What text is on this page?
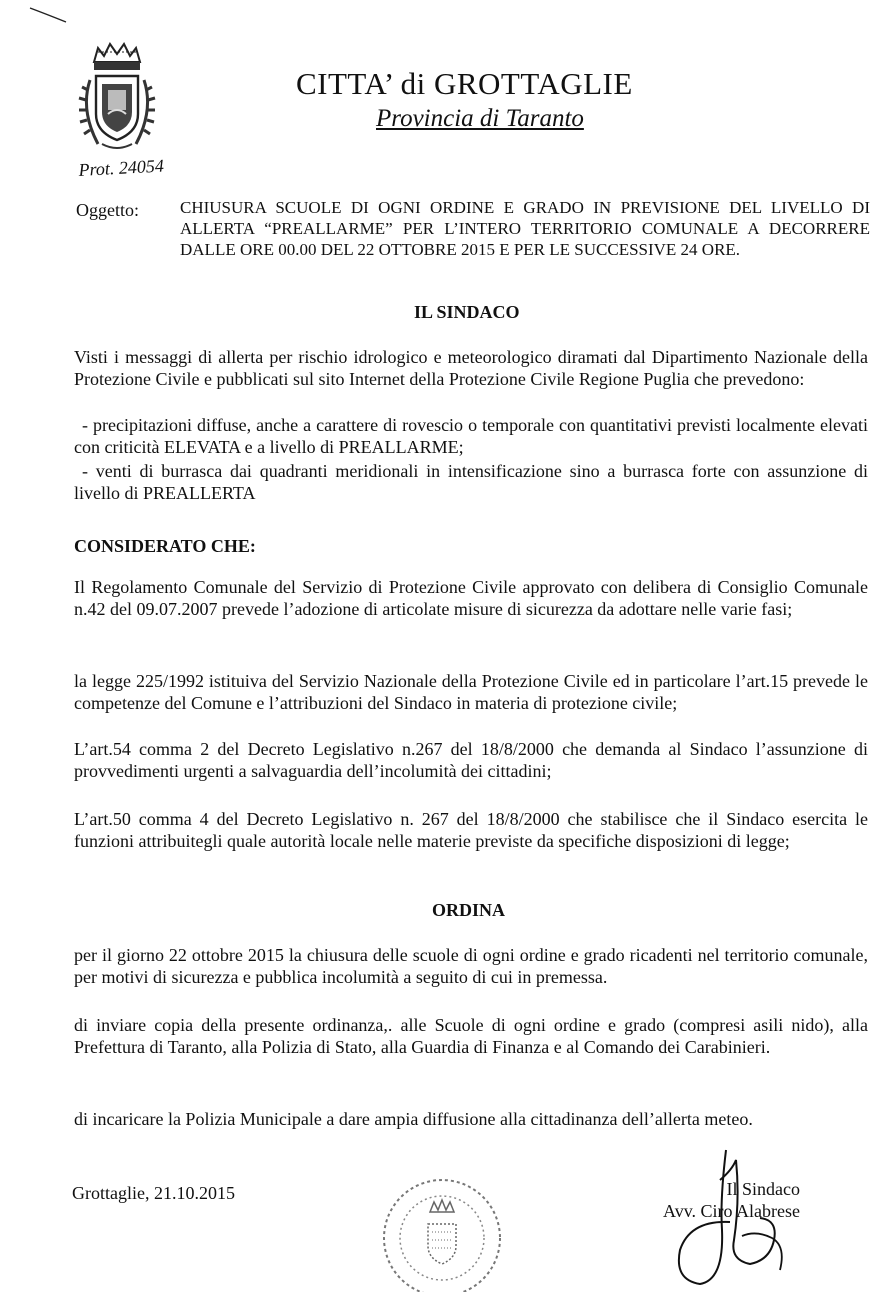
CITTA’ di GROTTAGLIE
Provincia di Taranto
Prot. 24054
Oggetto: CHIUSURA SCUOLE DI OGNI ORDINE E GRADO IN PREVISIONE DEL LIVELLO DI ALLERTA “PREALLARME” PER L’INTERO TERRITORIO COMUNALE A DECORRERE DALLE ORE 00.00 DEL 22 OTTOBRE 2015 E PER LE SUCCESSIVE 24 ORE.
IL SINDACO
Visti i messaggi di allerta per rischio idrologico e meteorologico diramati dal Dipartimento Nazionale della Protezione Civile e pubblicati sul sito Internet della Protezione Civile Regione Puglia che prevedono:
- precipitazioni diffuse, anche a carattere di rovescio o temporale con quantitativi previsti localmente elevati con criticità ELEVATA e a livello di PREALLARME;
- venti di burrasca dai quadranti meridionali in intensificazione sino a burrasca forte con assunzione di livello di PREALLERTA
CONSIDERATO CHE:
Il Regolamento Comunale del Servizio di Protezione Civile approvato con delibera di Consiglio Comunale n.42 del 09.07.2007 prevede l’adozione di articolate misure di sicurezza da adottare nelle varie fasi;
la legge 225/1992 istituiva del Servizio Nazionale della Protezione Civile ed in particolare l’art.15 prevede le competenze del Comune e l’attribuzioni del Sindaco in materia di protezione civile;
L’art.54 comma 2 del Decreto Legislativo n.267 del 18/8/2000 che demanda al Sindaco l’assunzione di provvedimenti urgenti a salvaguardia dell’incolumità dei cittadini;
L’art.50 comma 4 del Decreto Legislativo n. 267 del 18/8/2000 che stabilisce che il Sindaco esercita le funzioni attribuitegli quale autorità locale nelle materie previste da specifiche disposizioni di legge;
ORDINA
per il giorno 22 ottobre 2015 la chiusura delle scuole di ogni ordine e grado ricadenti nel territorio comunale, per motivi di sicurezza e pubblica incolumità a seguito di cui in premessa.
di inviare copia della presente ordinanza,. alle Scuole di ogni ordine e grado (compresi asili nido), alla Prefettura di Taranto, alla Polizia di Stato, alla Guardia di Finanza e al Comando dei Carabinieri.
di incaricare la Polizia Municipale a dare ampia diffusione alla cittadinanza dell’allerta meteo.
Grottaglie, 21.10.2015	Il Sindaco
Avv. Ciro Alabrese
